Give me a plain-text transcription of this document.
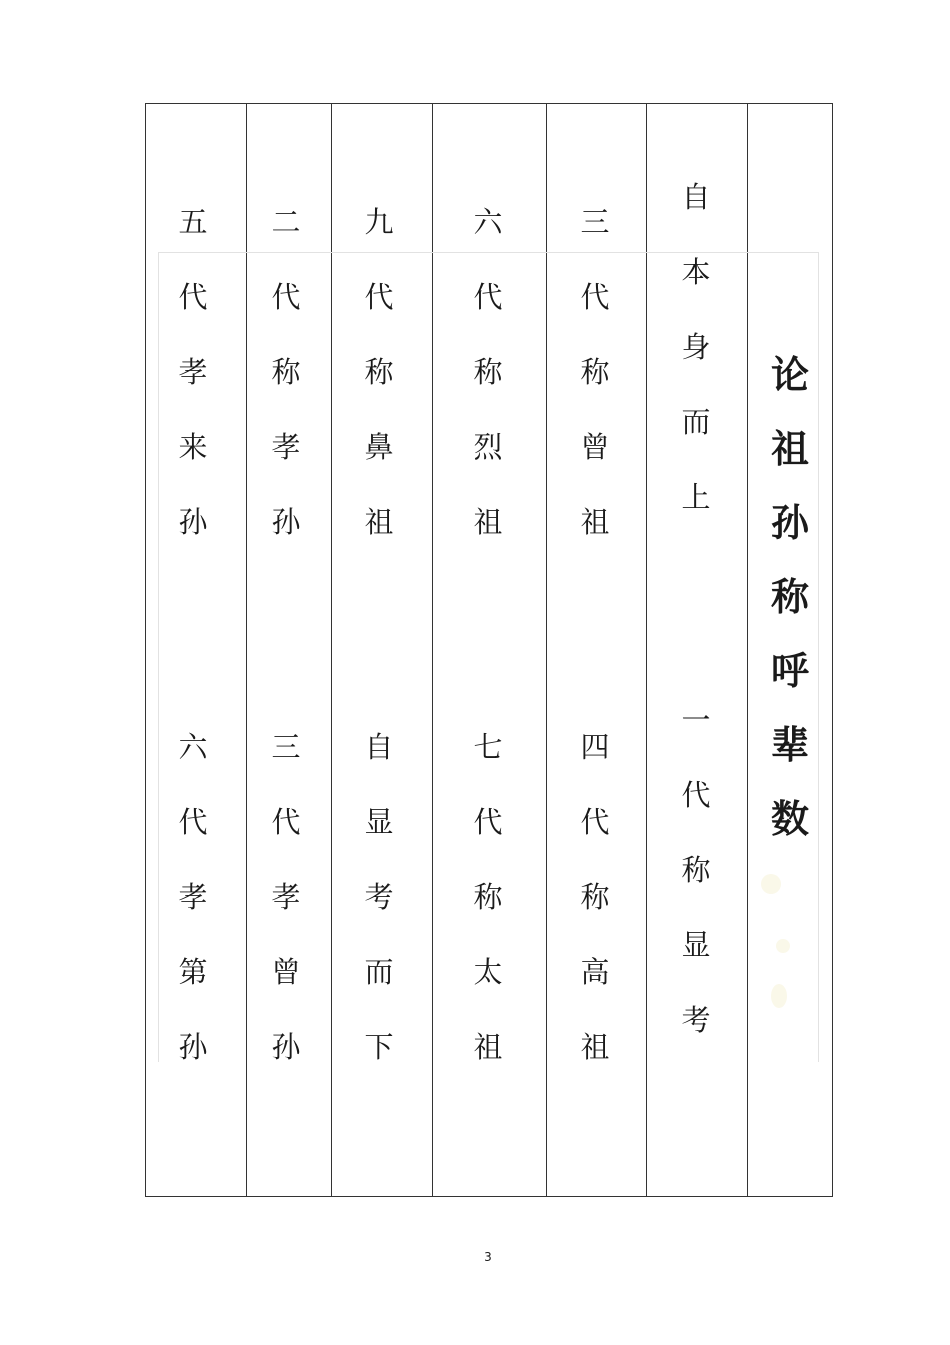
论
祖
孙
称
呼
辈
数
自
本
身
而
上
一
代
称
显
考
三
代
称
曾
祖
四
代
称
高
祖
六
代
称
烈
祖
七
代
称
太
祖
九
代
称
鼻
祖
自
显
考
而
下
二
代
称
孝
孙
三
代
孝
曾
孙
五
代
孝
来
孙
六
代
孝
第
孙
3
